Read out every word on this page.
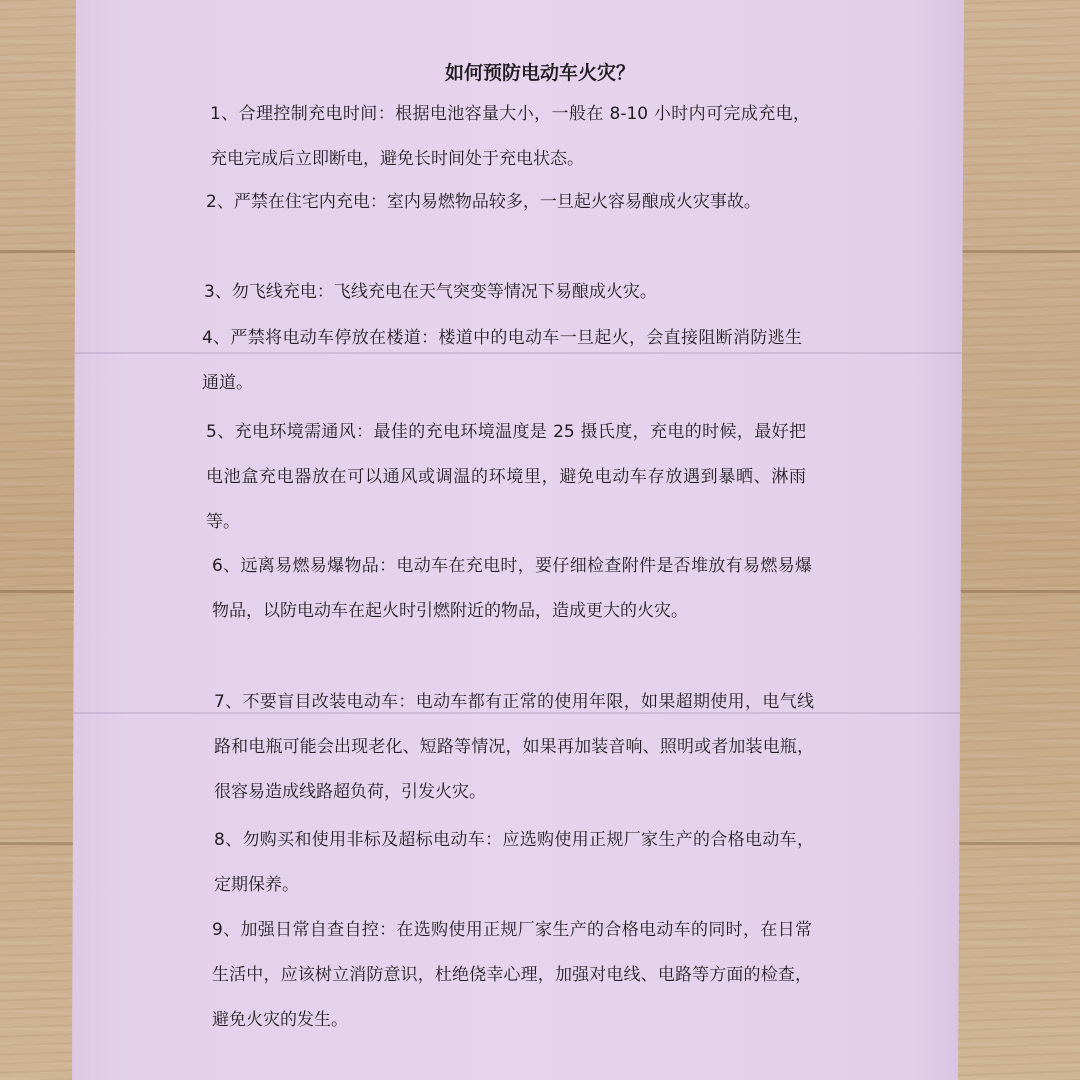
如何预防电动车火灾？

1、合理控制充电时间：根据电池容量大小，一般在 8-10 小时内可完成充电，充电完成后立即断电，避免长时间处于充电状态。

2、严禁在住宅内充电：室内易燃物品较多，一旦起火容易酿成火灾事故。

3、勿飞线充电：飞线充电在天气突变等情况下易酿成火灾。

4、严禁将电动车停放在楼道：楼道中的电动车一旦起火，会直接阻断消防逃生通道。

5、充电环境需通风：最佳的充电环境温度是 25 摄氏度，充电的时候，最好把电池盒充电器放在可以通风或调温的环境里，避免电动车存放遇到暴晒、淋雨等。

6、远离易燃易爆物品：电动车在充电时，要仔细检查附件是否堆放有易燃易爆物品，以防电动车在起火时引燃附近的物品，造成更大的火灾。

7、不要盲目改装电动车：电动车都有正常的使用年限，如果超期使用，电气线路和电瓶可能会出现老化、短路等情况，如果再加装音响、照明或者加装电瓶，很容易造成线路超负荷，引发火灾。

8、勿购买和使用非标及超标电动车：应选购使用正规厂家生产的合格电动车，定期保养。

9、加强日常自查自控：在选购使用正规厂家生产的合格电动车的同时，在日常生活中，应该树立消防意识，杜绝侥幸心理，加强对电线、电路等方面的检查，避免火灾的发生。
